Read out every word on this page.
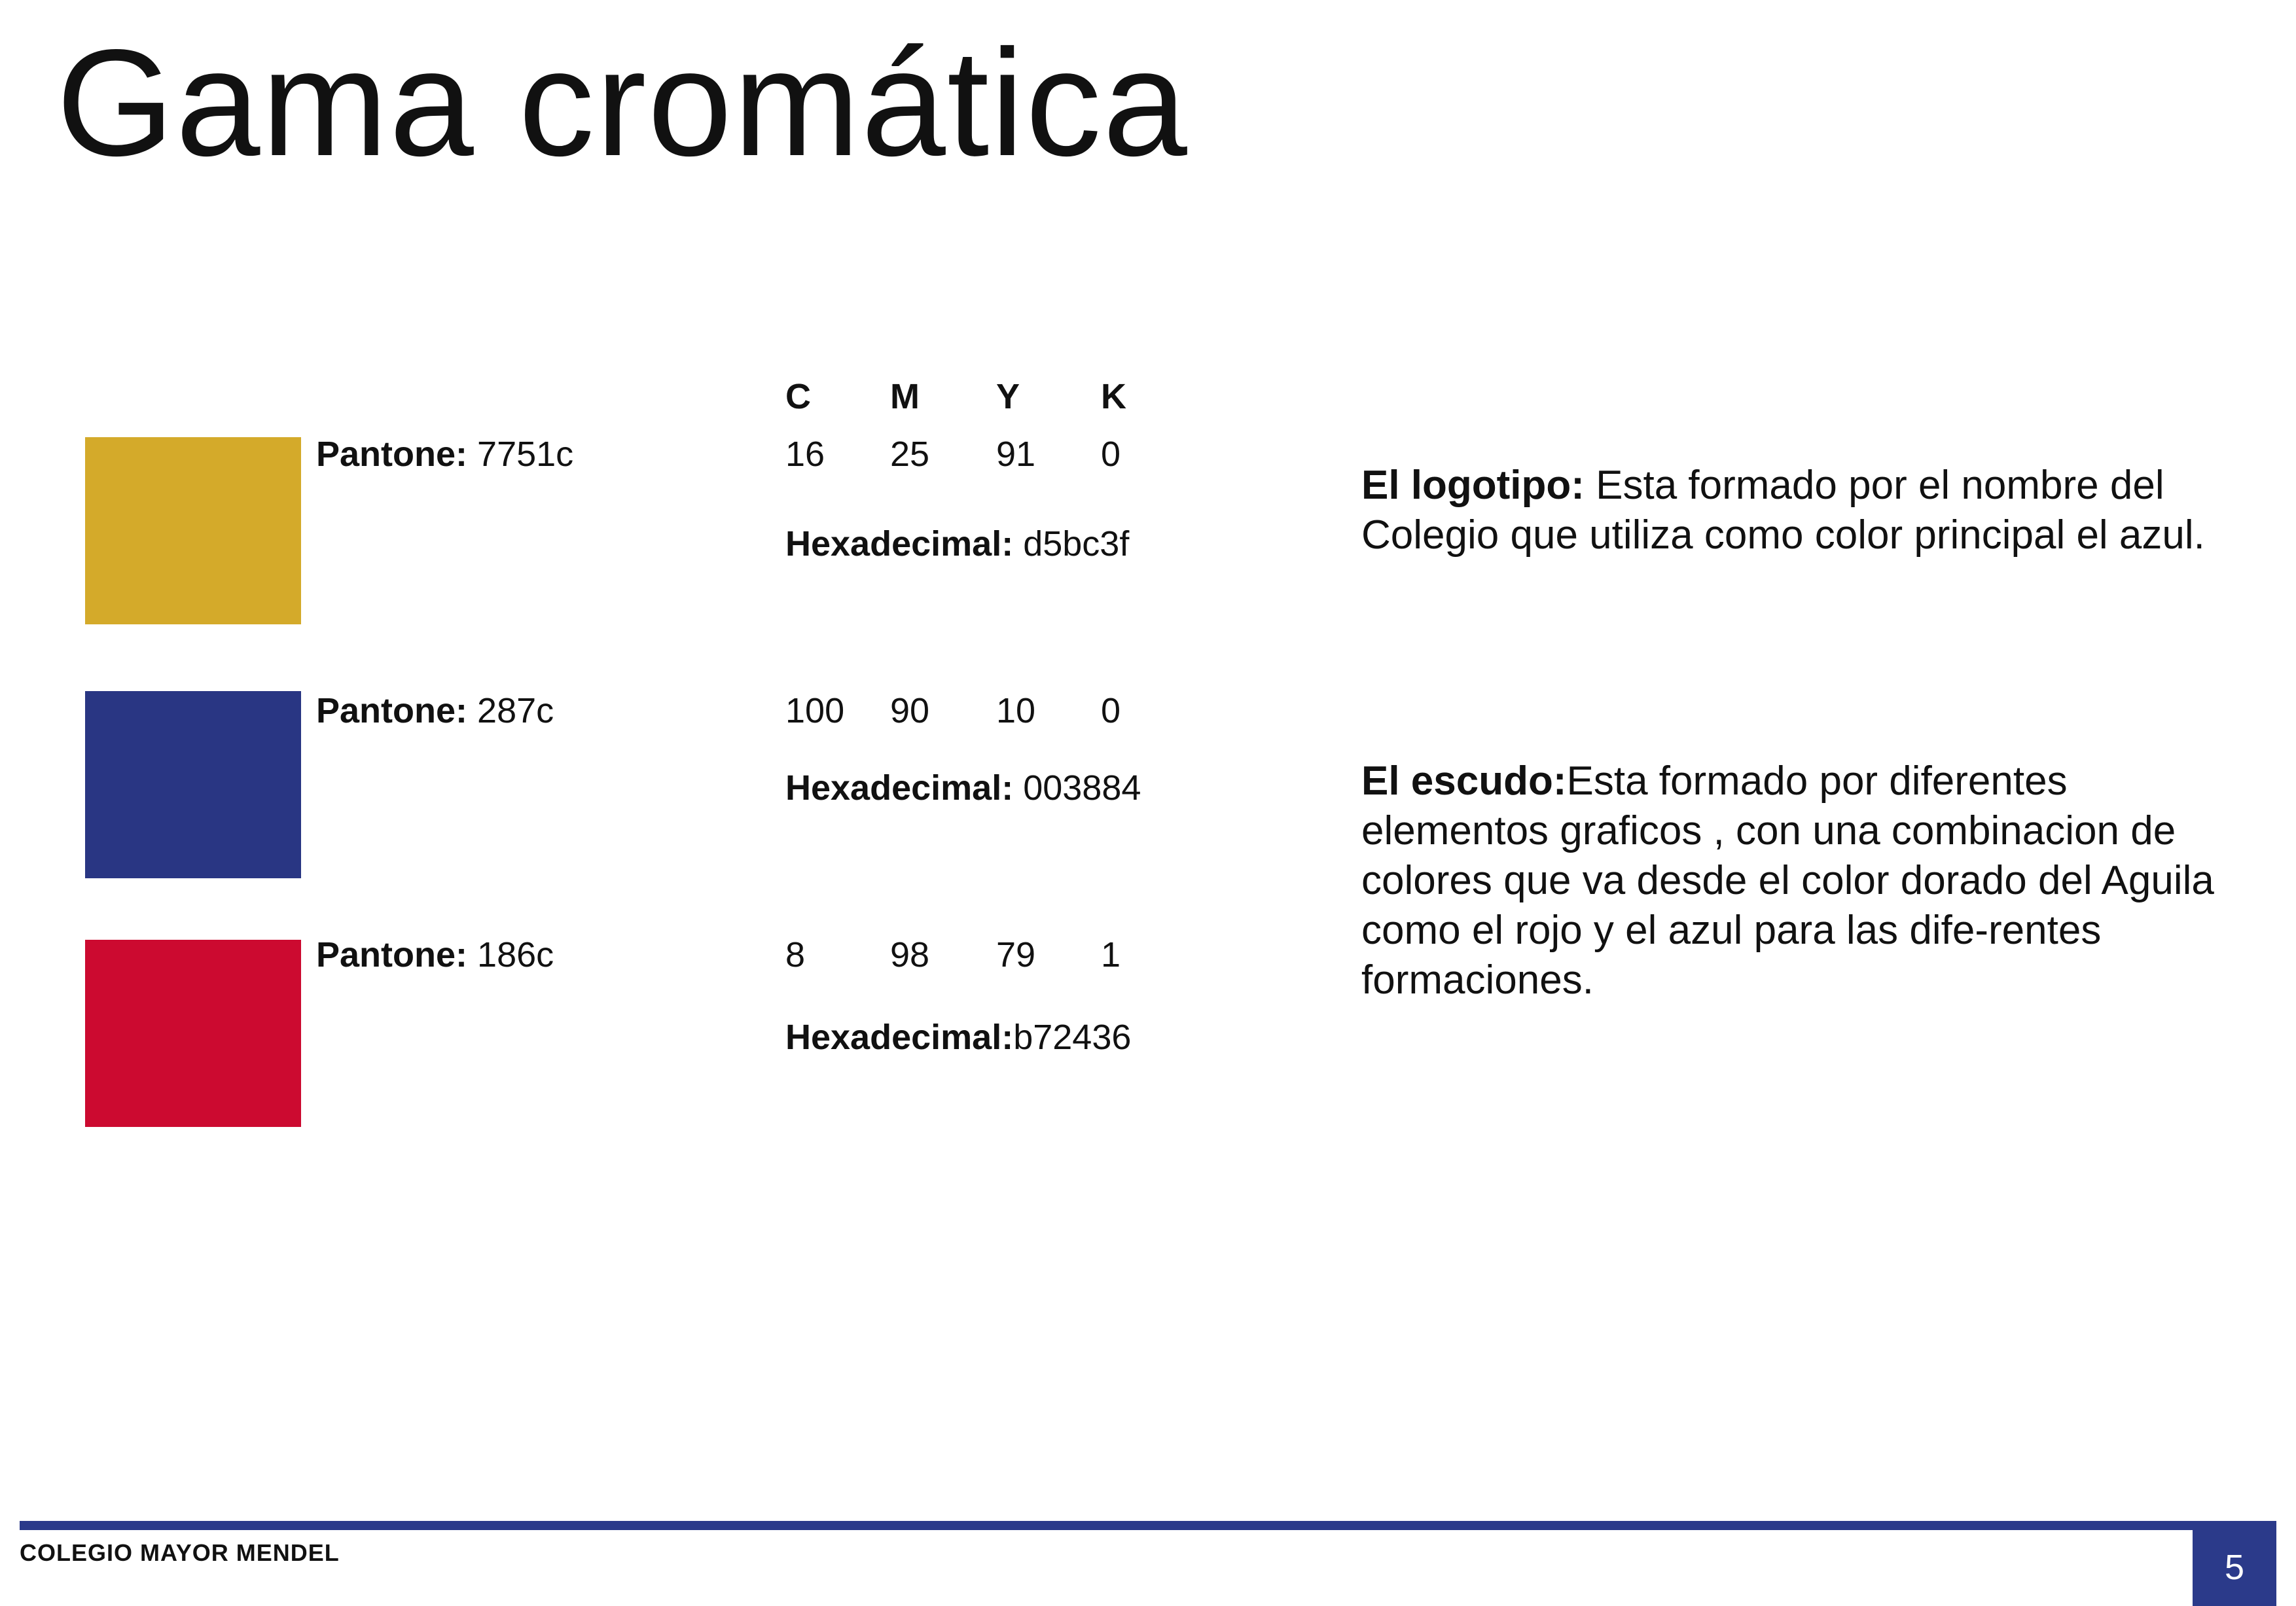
Gama cromática
C M Y K
Pantone: 7751c	16 25 91 0
Hexadecimal: d5bc3f
Pantone: 287c	100 90 10 0
Hexadecimal: 003884
Pantone: 186c	8 98 79 1
Hexadecimal:b72436
El logotipo: Esta formado por el nombre del Colegio que utiliza como color principal el azul.
El escudo:Esta formado por diferentes elementos graficos , con una combinacion de colores que va desde el color dorado del Aguila como el rojo y el azul para las dife-rentes formaciones.
COLEGIO MAYOR MENDEL	5
